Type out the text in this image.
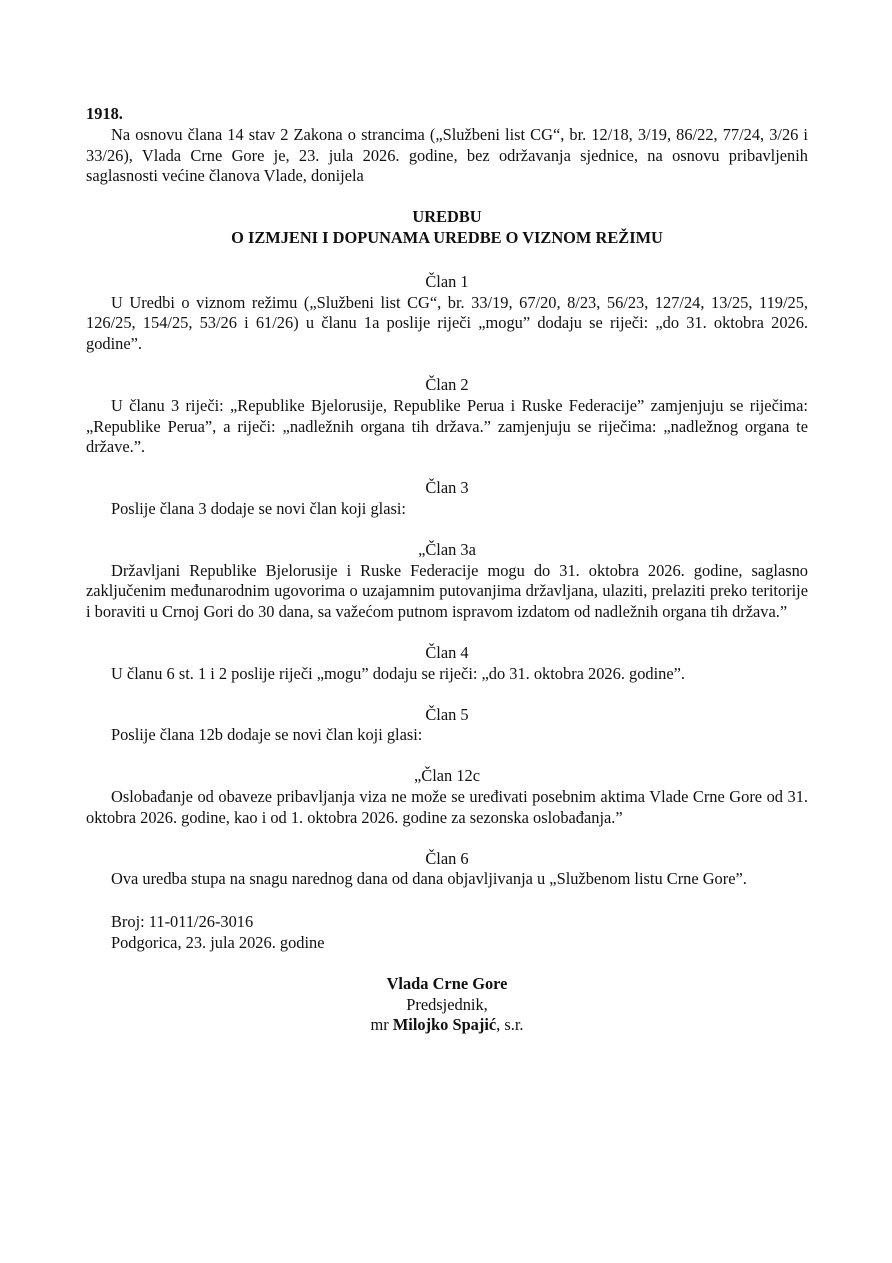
1918.

Na osnovu člana 14 stav 2 Zakona o strancima („Službeni list CG“, br. 12/18, 3/19, 86/22, 77/24, 3/26 i 33/26), Vlada Crne Gore je, 23. jula 2026. godine, bez održavanja sjednice, na osnovu pribavljenih saglasnosti većine članova Vlade, donijela

UREDBU
O IZMJENI I DOPUNAMA UREDBE O VIZNOM REŽIMU
Član 1

U Uredbi o viznom režimu („Službeni list CG“, br. 33/19, 67/20, 8/23, 56/23, 127/24, 13/25, 119/25, 126/25, 154/25, 53/26 i 61/26) u članu 1a poslije riječi „mogu” dodaju se riječi: „do 31. oktobra 2026. godine”.

Član 2

U članu 3 riječi: „Republike Bjelorusije, Republike Perua i Ruske Federacije” zamjenjuju se riječima: „Republike Perua”, a riječi: „nadležnih organa tih država.” zamjenjuju se riječima: „nadležnog organa te države.”.

Član 3

Poslije člana 3 dodaje se novi član koji glasi:

„Član 3a

Državljani Republike Bjelorusije i Ruske Federacije mogu do 31. oktobra 2026. godine, saglasno zaključenim međunarodnim ugovorima o uzajamnim putovanjima državljana, ulaziti, prelaziti preko teritorije i boraviti u Crnoj Gori do 30 dana, sa važećom putnom ispravom izdatom od nadležnih organa tih država.”

Član 4

U članu 6 st. 1 i 2 poslije riječi „mogu” dodaju se riječi: „do 31. oktobra 2026. godine”.

Član 5

Poslije člana 12b dodaje se novi član koji glasi:

„Član 12c

Oslobađanje od obaveze pribavljanja viza ne može se uređivati posebnim aktima Vlade Crne Gore od 31. oktobra 2026. godine, kao i od 1. oktobra 2026. godine za sezonska oslobađanja.”

Član 6

Ova uredba stupa na snagu narednog dana od dana objavljivanja u „Službenom listu Crne Gore”.

Broj: 11-011/26-3016
Podgorica, 23. jula 2026. godine
Vlada Crne Gore
Predsjednik,
mr Milojko Spajić, s.r.
